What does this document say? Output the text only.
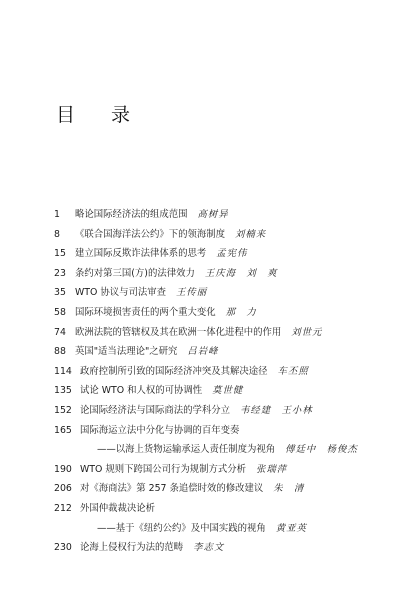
目 录
1 略论国际经济法的组成范围 高树异
8 《联合国海洋法公约》下的领海制度 刘楠来
15 建立国际反欺诈法律体系的思考 孟宪伟
23 条约对第三国(方)的法律效力 王庆海　刘　爽
35 WTO 协议与司法审查 王传丽
58 国际环境损害责任的两个重大变化 那　力
74 欧洲法院的管辖权及其在欧洲一体化进程中的作用 刘世元
88 英国"适当法理论"之研究 吕岩峰
114 政府控制所引致的国际经济冲突及其解决途径 车丕照
135 试论 WTO 和人权的可协调性 莫世健
152 论国际经济法与国际商法的学科分立 韦经建　王小林
165 国际海运立法中分化与协调的百年变奏
——以海上货物运输承运人责任制度为视角 傅廷中　杨俊杰
190 WTO 规则下跨国公司行为规制方式分析 张瑞萍
206 对《海商法》第 257 条追偿时效的修改建议 朱　清
212 外国仲裁裁决论析
——基于《纽约公约》及中国实践的视角 黄亚英
230 论海上侵权行为法的范畴 李志文
